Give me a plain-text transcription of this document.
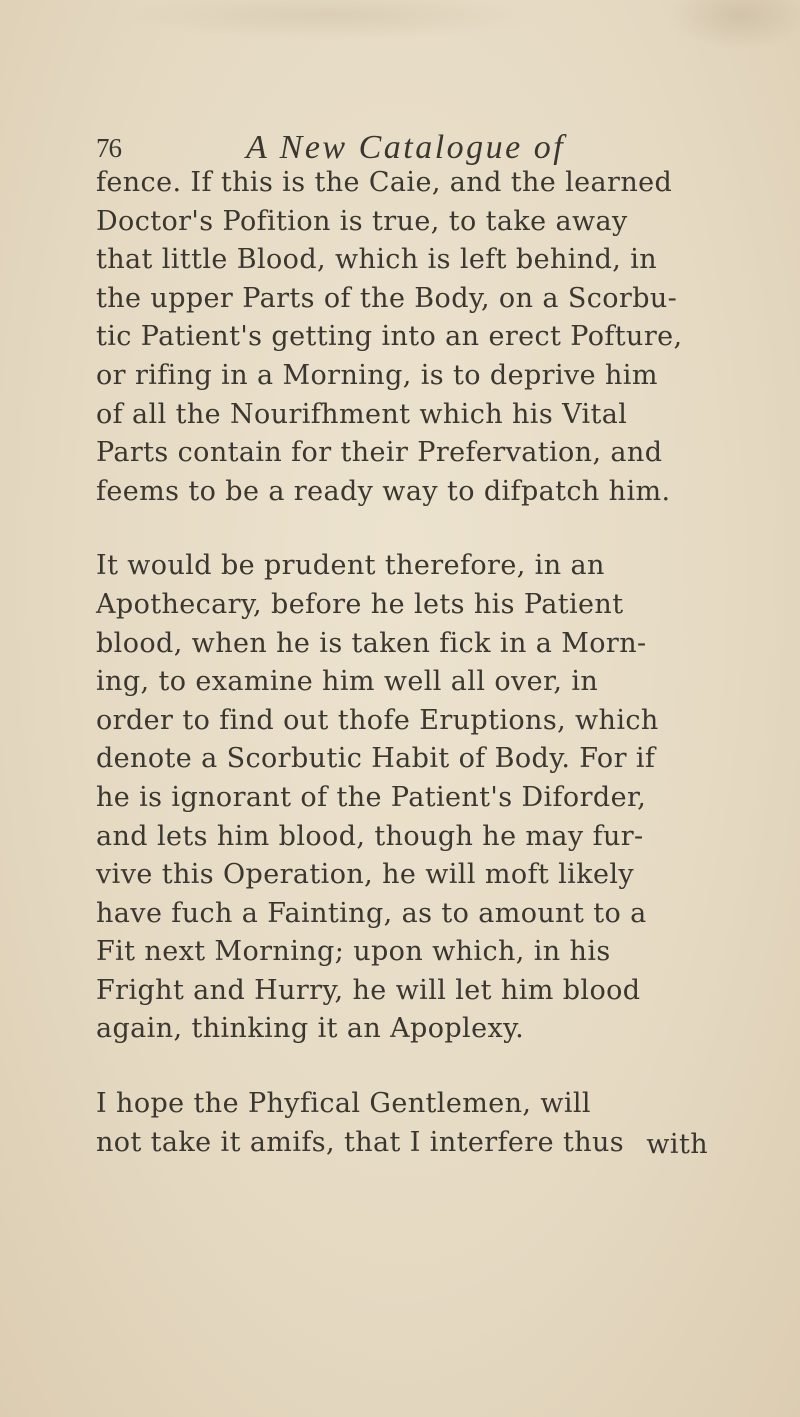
76	A New Catalogue of

fence. If this is the Caie, and the learned
Doctor's Pofition is true, to take away
that little Blood, which is left behind, in
the upper Parts of the Body, on a Scorbu-
tic Patient's getting into an erect Pofture,
or rifing in a Morning, is to deprive him
of all the Nourifhment which his Vital
Parts contain for their Prefervation, and
feems to be a ready way to difpatch him.

It would be prudent therefore, in an
Apothecary, before he lets his Patient
blood, when he is taken fick in a Morn-
ing, to examine him well all over, in
order to find out thofe Eruptions, which
denote a Scorbutic Habit of Body. For if
he is ignorant of the Patient's Diforder,
and lets him blood, though he may fur-
vive this Operation, he will moft likely
have fuch a Fainting, as to amount to a
Fit next Morning; upon which, in his
Fright and Hurry, he will let him blood
again, thinking it an Apoplexy.

I hope the Phyfical Gentlemen, will
not take it amifs, that I interfere thus with
